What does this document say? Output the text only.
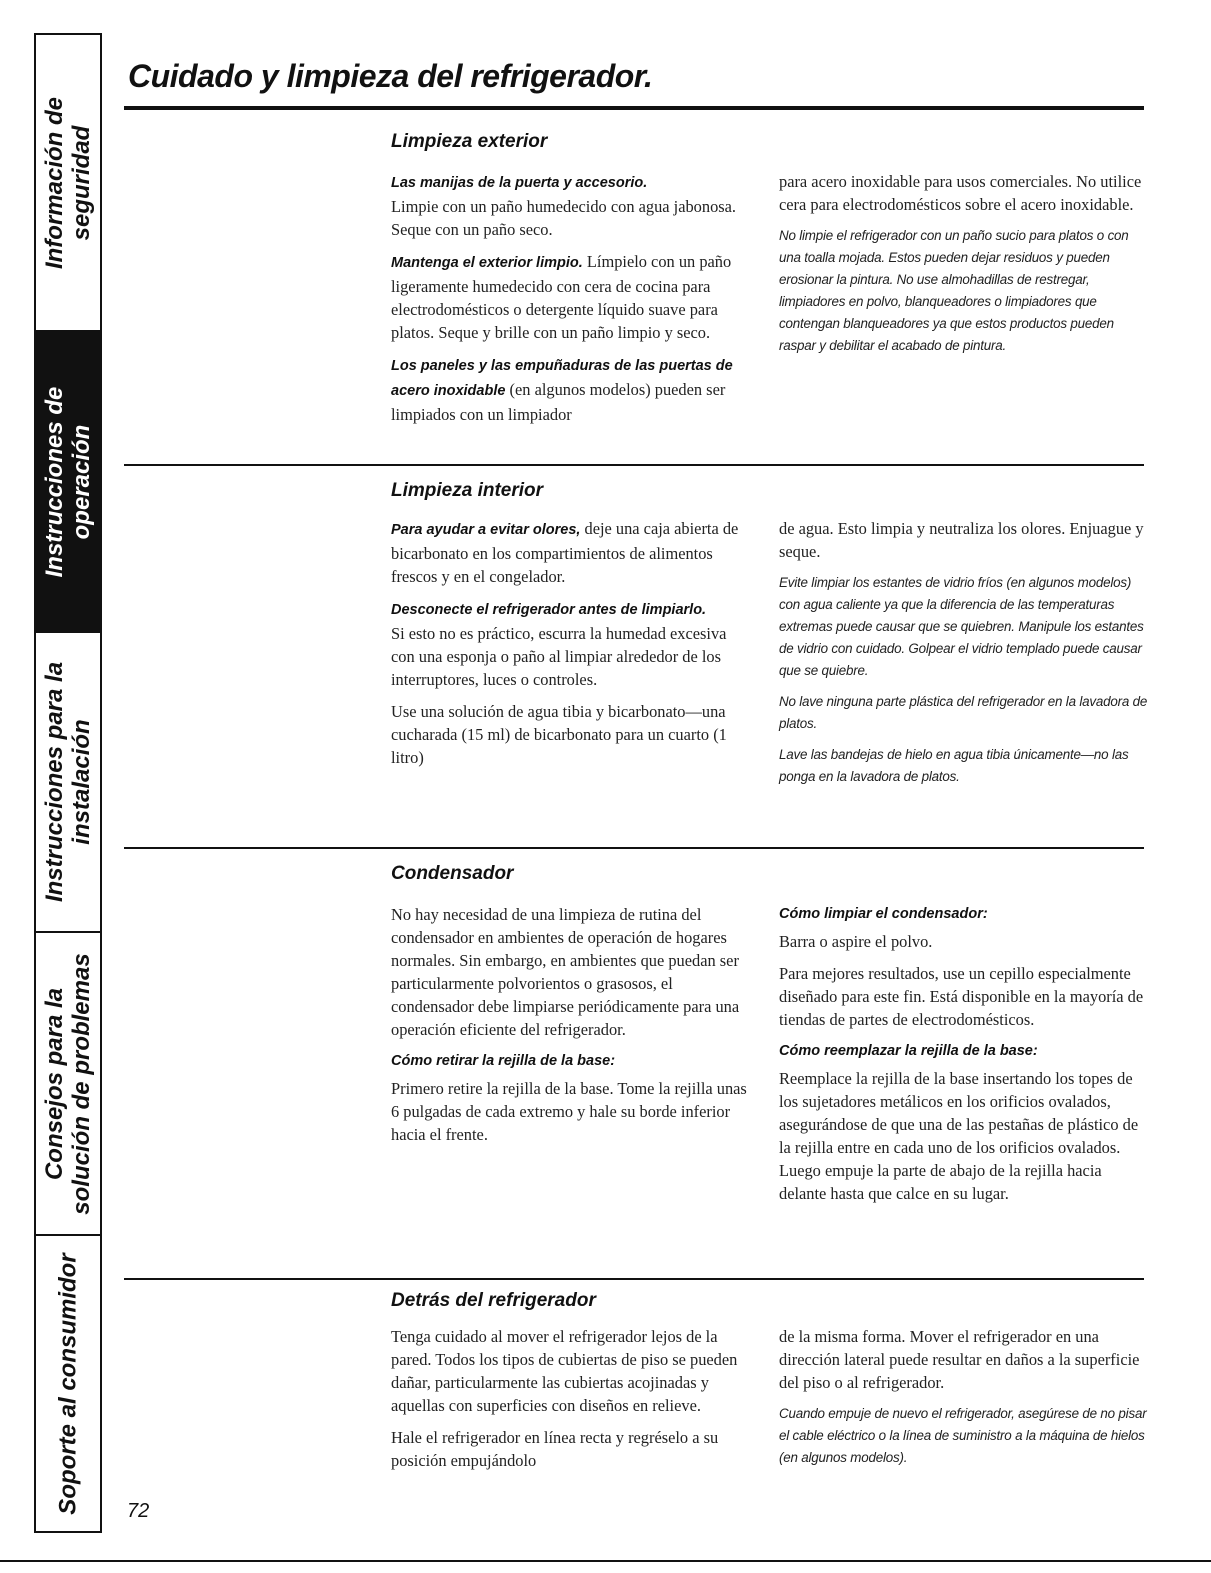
Información de seguridad
Instrucciones de operación
Instrucciones para la instalación
Consejos para la solución de problemas
Soporte al consumidor
Cuidado y limpieza del refrigerador.
Limpieza exterior

Las manijas de la puerta y accesorio.
Limpie con un paño humedecido con agua jabonosa. Seque con un paño seco.

Mantenga el exterior limpio. Límpielo con un paño ligeramente humedecido con cera de cocina para electrodomésticos o detergente líquido suave para platos. Seque y brille con un paño limpio y seco.

Los paneles y las empuñaduras de las puertas de acero inoxidable (en algunos modelos) pueden ser limpiados con un limpiador

para acero inoxidable para usos comerciales. No utilice cera para electrodomésticos sobre el acero inoxidable.

No limpie el refrigerador con un paño sucio para platos o con una toalla mojada. Estos pueden dejar residuos y pueden erosionar la pintura. No use almohadillas de restregar, limpiadores en polvo, blanqueadores o limpiadores que contengan blanqueadores ya que estos productos pueden raspar y debilitar el acabado de pintura.

Limpieza interior

Para ayudar a evitar olores, deje una caja abierta de bicarbonato en los compartimientos de alimentos frescos y en el congelador.

Desconecte el refrigerador antes de limpiarlo.
Si esto no es práctico, escurra la humedad excesiva con una esponja o paño al limpiar alrededor de los interruptores, luces o controles.

Use una solución de agua tibia y bicarbonato—una cucharada (15 ml) de bicarbonato para un cuarto (1 litro)

de agua. Esto limpia y neutraliza los olores. Enjuague y seque.

Evite limpiar los estantes de vidrio fríos (en algunos modelos) con agua caliente ya que la diferencia de las temperaturas extremas puede causar que se quiebren. Manipule los estantes de vidrio con cuidado. Golpear el vidrio templado puede causar que se quiebre.

No lave ninguna parte plástica del refrigerador en la lavadora de platos.

Lave las bandejas de hielo en agua tibia únicamente—no las ponga en la lavadora de platos.

Condensador

No hay necesidad de una limpieza de rutina del condensador en ambientes de operación de hogares normales. Sin embargo, en ambientes que puedan ser particularmente polvorientos o grasosos, el condensador debe limpiarse periódicamente para una operación eficiente del refrigerador.

Cómo retirar la rejilla de la base:

Primero retire la rejilla de la base. Tome la rejilla unas 6 pulgadas de cada extremo y hale su borde inferior hacia el frente.

Cómo limpiar el condensador:

Barra o aspire el polvo.

Para mejores resultados, use un cepillo especialmente diseñado para este fin. Está disponible en la mayoría de tiendas de partes de electrodomésticos.

Cómo reemplazar la rejilla de la base:

Reemplace la rejilla de la base insertando los topes de los sujetadores metálicos en los orificios ovalados, asegurándose de que una de las pestañas de plástico de la rejilla entre en cada uno de los orificios ovalados. Luego empuje la parte de abajo de la rejilla hacia delante hasta que calce en su lugar.

Detrás del refrigerador

Tenga cuidado al mover el refrigerador lejos de la pared. Todos los tipos de cubiertas de piso se pueden dañar, particularmente las cubiertas acojinadas y aquellas con superficies con diseños en relieve.

Hale el refrigerador en línea recta y regréselo a su posición empujándolo

de la misma forma. Mover el refrigerador en una dirección lateral puede resultar en daños a la superficie del piso o al refrigerador.

Cuando empuje de nuevo el refrigerador, asegúrese de no pisar el cable eléctrico o la línea de suministro a la máquina de hielos (en algunos modelos).

72
